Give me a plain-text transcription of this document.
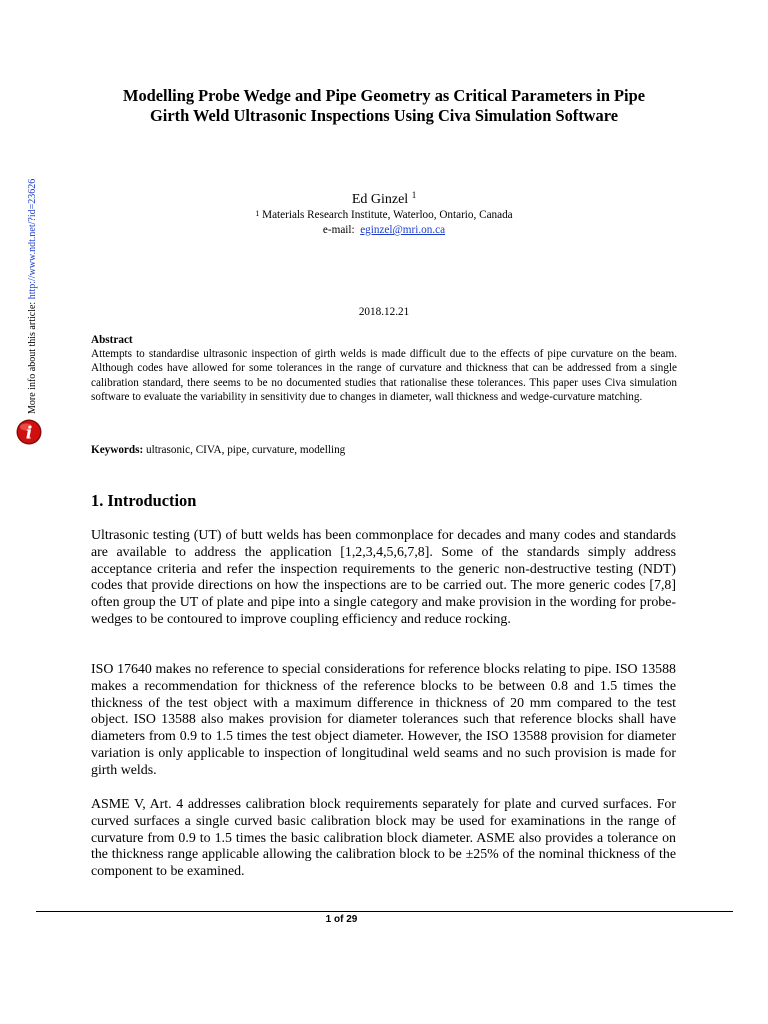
More info about this article: http://www.ndt.net/?id=23626
i
Modelling Probe Wedge and Pipe Geometry as Critical Parameters in Pipe
Girth Weld Ultrasonic Inspections Using Civa Simulation Software
Ed Ginzel $^1$
$^1$ Materials Research Institute, Waterloo, Ontario, Canada
e-mail: eginzel@mri.on.ca
2018.12.21
Abstract
Attempts to standardise ultrasonic inspection of girth welds is made difficult due to the effects of pipe curvature on the beam. Although codes have allowed for some tolerances in the range of curvature and thickness that can be addressed from a single calibration standard, there seems to be no documented studies that rationalise these tolerances. This paper uses Civa simulation software to evaluate the variability in sensitivity due to changes in diameter, wall thickness and wedge-curvature matching.
Keywords: ultrasonic, CIVA, pipe, curvature, modelling
1. Introduction
Ultrasonic testing (UT) of butt welds has been commonplace for decades and many codes and standards are available to address the application [1,2,3,4,5,6,7,8]. Some of the standards simply address acceptance criteria and refer the inspection requirements to the generic non-destructive testing (NDT) codes that provide directions on how the inspections are to be carried out. The more generic codes [7,8] often group the UT of plate and pipe into a single category and make provision in the wording for probe-wedges to be contoured to improve coupling efficiency and reduce rocking.
ISO 17640 makes no reference to special considerations for reference blocks relating to pipe. ISO 13588 makes a recommendation for thickness of the reference blocks to be between 0.8 and 1.5 times the thickness of the test object with a maximum difference in thickness of 20 mm compared to the test object. ISO 13588 also makes provision for diameter tolerances such that reference blocks shall have diameters from 0.9 to 1.5 times the test object diameter. However, the ISO 13588 provision for diameter variation is only applicable to inspection of longitudinal weld seams and no such provision is made for girth welds.
ASME V, Art. 4 addresses calibration block requirements separately for plate and curved surfaces. For curved surfaces a single curved basic calibration block may be used for examinations in the range of curvature from 0.9 to 1.5 times the basic calibration block diameter. ASME also provides a tolerance on the thickness range applicable allowing the calibration block to be ±25% of the nominal thickness of the component to be examined.
1 of 29
